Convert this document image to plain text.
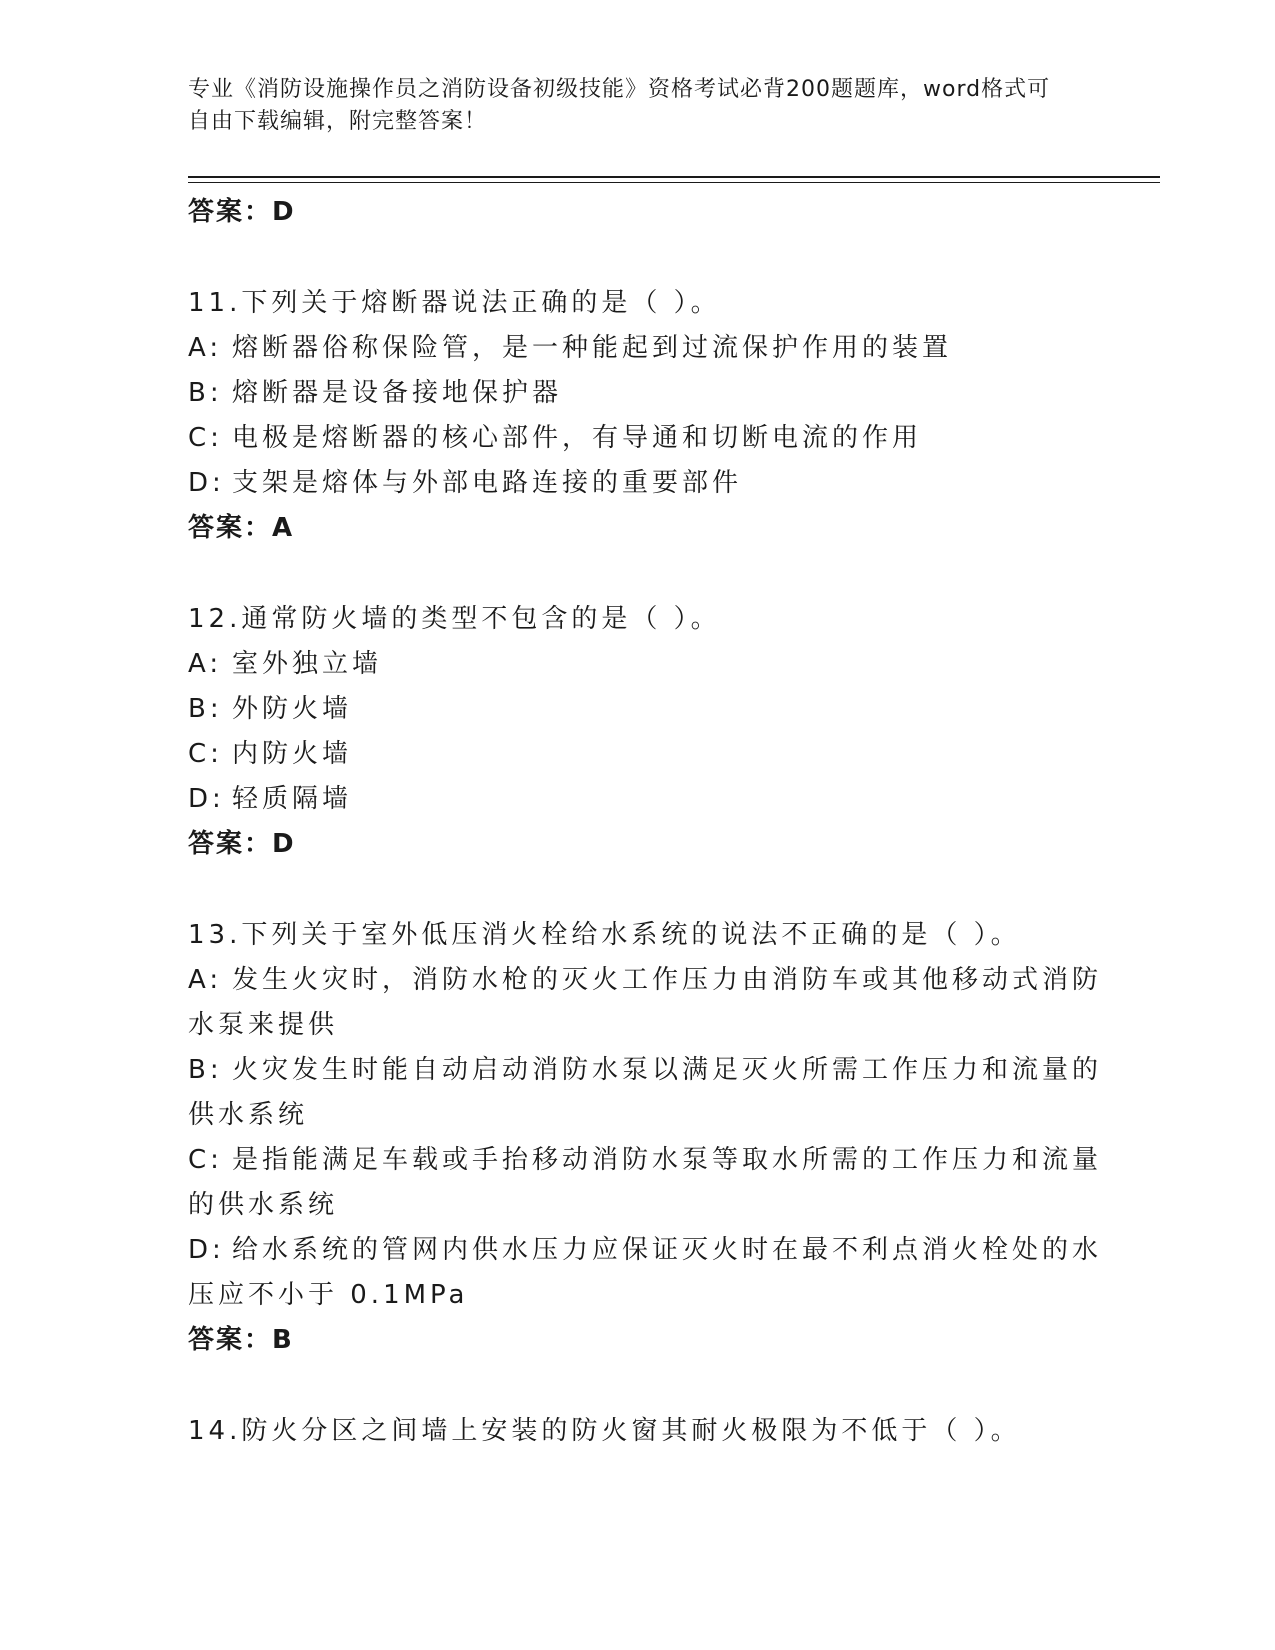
专业《消防设施操作员之消防设备初级技能》资格考试必背200题题库，word格式可自由下载编辑，附完整答案！
答案：D
11.下列关于熔断器说法正确的是（ ）。
A: 熔断器俗称保险管，是一种能起到过流保护作用的装置
B: 熔断器是设备接地保护器
C: 电极是熔断器的核心部件，有导通和切断电流的作用
D: 支架是熔体与外部电路连接的重要部件
答案：A
12.通常防火墙的类型不包含的是（ ）。
A: 室外独立墙
B: 外防火墙
C: 内防火墙
D: 轻质隔墙
答案：D
13.下列关于室外低压消火栓给水系统的说法不正确的是（ ）。
A: 发生火灾时，消防水枪的灭火工作压力由消防车或其他移动式消防
水泵来提供
B: 火灾发生时能自动启动消防水泵以满足灭火所需工作压力和流量的
供水系统
C: 是指能满足车载或手抬移动消防水泵等取水所需的工作压力和流量
的供水系统
D: 给水系统的管网内供水压力应保证灭火时在最不利点消火栓处的水
压应不小于 0.1MPa
答案：B
14.防火分区之间墙上安装的防火窗其耐火极限为不低于（ ）。
